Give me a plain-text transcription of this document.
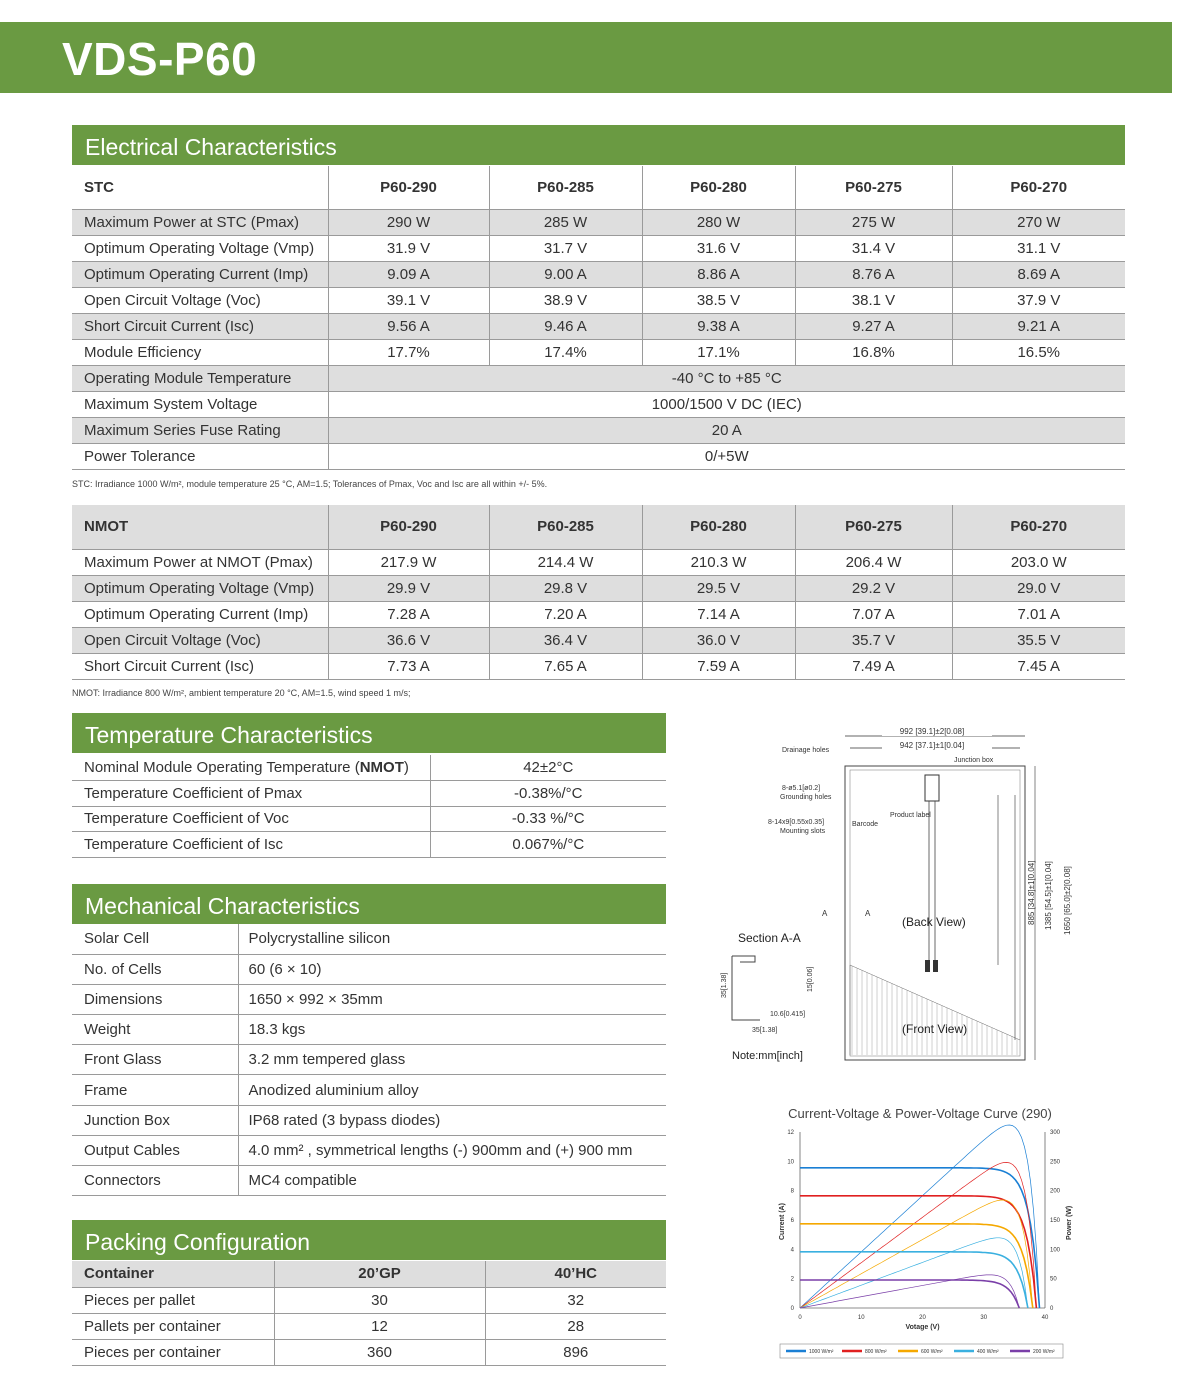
VDS-P60
Electrical Characteristics
STC	P60-290	P60-285	P60-280	P60-275	P60-270
Maximum Power at STC (Pmax)	290 W	285 W	280 W	275 W	270 W
Optimum Operating Voltage (Vmp)	31.9 V	31.7 V	31.6 V	31.4 V	31.1 V
Optimum Operating Current (Imp)	9.09 A	9.00 A	8.86 A	8.76 A	8.69 A
Open Circuit Voltage (Voc)	39.1 V	38.9 V	38.5 V	38.1 V	37.9 V
Short Circuit Current (Isc)	9.56 A	9.46 A	9.38 A	9.27 A	9.21 A
Module Efficiency	17.7%	17.4%	17.1%	16.8%	16.5%
Operating Module Temperature	-40 °C to +85 °C				
Maximum System Voltage	1000/1500 V DC (IEC)				
Maximum Series Fuse Rating	20 A				
Power Tolerance	0/+5W				
STC: Irradiance 1000 W/m², module temperature 25 °C, AM=1.5; Tolerances of Pmax, Voc and Isc are all within +/- 5%.
NMOT	P60-290	P60-285	P60-280	P60-275	P60-270
Maximum Power at NMOT (Pmax)	217.9 W	214.4 W	210.3 W	206.4 W	203.0 W
Optimum Operating Voltage (Vmp)	29.9 V	29.8 V	29.5 V	29.2 V	29.0 V
Optimum Operating Current (Imp)	7.28 A	7.20 A	7.14 A	7.07 A	7.01 A
Open Circuit Voltage (Voc)	36.6 V	36.4 V	36.0 V	35.7 V	35.5 V
Short Circuit Current (Isc)	7.73 A	7.65 A	7.59 A	7.49 A	7.45 A
NMOT: Irradiance 800 W/m², ambient temperature 20 °C, AM=1.5, wind speed 1 m/s;
Temperature Characteristics
Nominal Module Operating Temperature (NMOT)	42±2°C
Temperature Coefficient of Pmax	-0.38%/°C
Temperature Coefficient of Voc	-0.33 %/°C
Temperature Coefficient of Isc	0.067%/°C
Mechanical Characteristics
Solar Cell	Polycrystalline silicon
No. of Cells	60 (6 × 10)
Dimensions	1650 × 992 × 35mm
Weight	18.3 kgs
Front Glass	3.2 mm tempered glass
Frame	Anodized aluminium alloy
Junction Box	IP68 rated (3 bypass diodes)
Output Cables	4.0 mm² , symmetrical lengths (-) 900mm and (+) 900 mm
Connectors	MC4 compatible
Packing Configuration
Container	20’GP	40’HC
Pieces per pallet	30	32
Pallets per container	12	28
Pieces per container	360	896
992 [39.1]±2[0.08]
942 [37.1]±1[0.04]
Drainage holes
Junction box
8-ø5.1[ø0.2]
Grounding holes
Product label
8-14x9[0.55x0.35]
Mounting slots
Barcode
A	A
(Back View)
(Front View)
885 [34.8]±1[0.04] 1385 [54.5]±1[0.04] 1650 [65.0]±2[0.08]
Section A-A
35[1.38]	15[0.06]
10.6[0.415]
35[1.38]
Note:mm[inch]
Current-Voltage & Power-Voltage Curve (290)
0	10	20	30	40
0
2
4
6
8
10
12
0
50
100
150
200
250
300
Votage (V)
Current (A)	Power (W)
1000 W/m²	800 W/m²	600 W/m²	400 W/m²	200 W/m²
